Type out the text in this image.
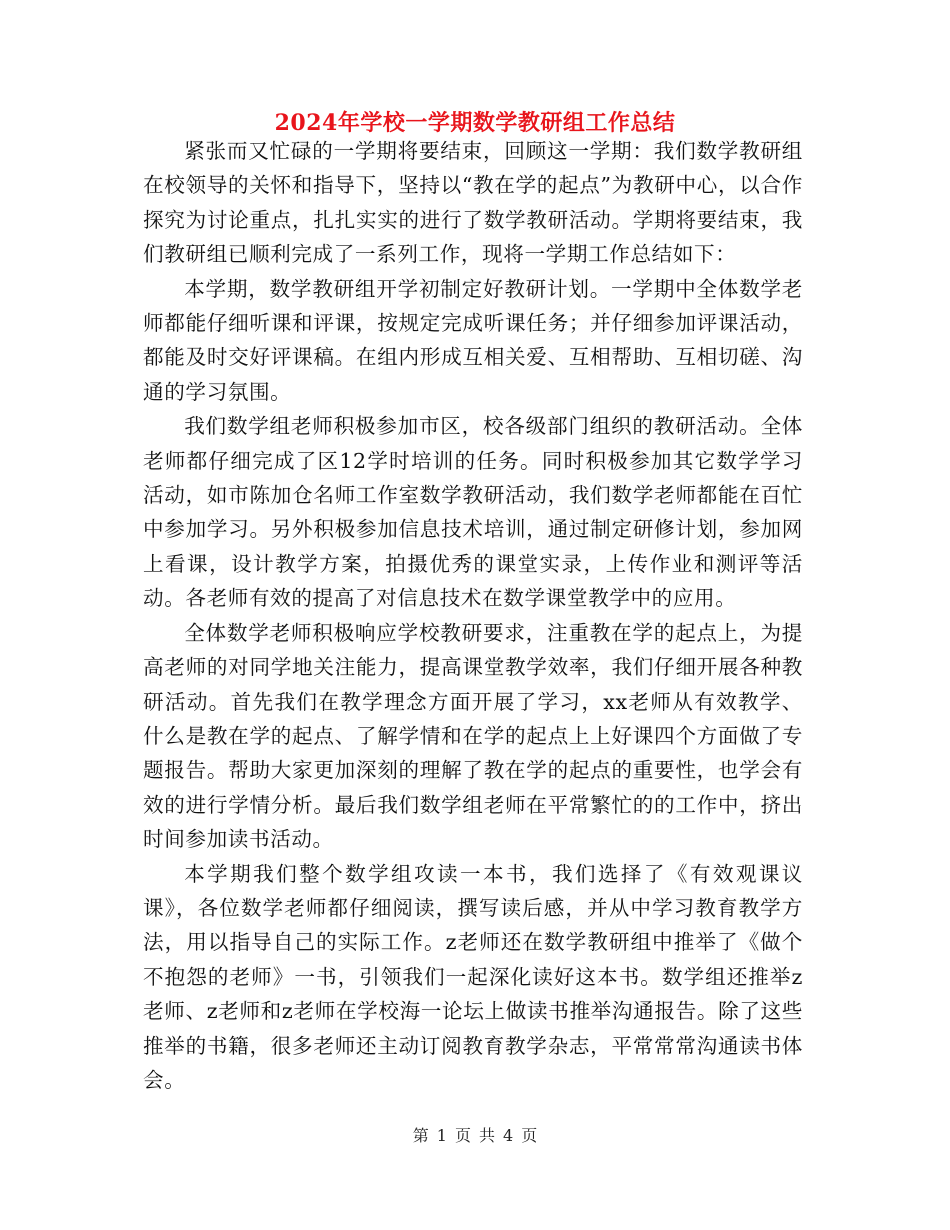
2024年学校一学期数学教研组工作总结

紧张而又忙碌的一学期将要结束，回顾这一学期：我们数学教研组在校领导的关怀和指导下，坚持以“教在学的起点”为教研中心，以合作探究为讨论重点，扎扎实实的进行了数学教研活动。学期将要结束，我们教研组已顺利完成了一系列工作，现将一学期工作总结如下：

本学期，数学教研组开学初制定好教研计划。一学期中全体数学老师都能仔细听课和评课，按规定完成听课任务；并仔细参加评课活动，都能及时交好评课稿。在组内形成互相关爱、互相帮助、互相切磋、沟通的学习氛围。

我们数学组老师积极参加市区，校各级部门组织的教研活动。全体老师都仔细完成了区12学时培训的任务。同时积极参加其它数学学习活动，如市陈加仓名师工作室数学教研活动，我们数学老师都能在百忙中参加学习。另外积极参加信息技术培训，通过制定研修计划，参加网上看课，设计教学方案，拍摄优秀的课堂实录，上传作业和测评等活动。各老师有效的提高了对信息技术在数学课堂教学中的应用。

全体数学老师积极响应学校教研要求，注重教在学的起点上，为提高老师的对同学地关注能力，提高课堂教学效率，我们仔细开展各种教研活动。首先我们在教学理念方面开展了学习，xx老师从有效教学、什么是教在学的起点、了解学情和在学的起点上上好课四个方面做了专题报告。帮助大家更加深刻的理解了教在学的起点的重要性，也学会有效的进行学情分析。最后我们数学组老师在平常繁忙的的工作中，挤出时间参加读书活动。

本学期我们整个数学组攻读一本书，我们选择了《有效观课议课》，各位数学老师都仔细阅读，撰写读后感，并从中学习教育教学方法，用以指导自己的实际工作。z老师还在数学教研组中推举了《做个不抱怨的老师》一书，引领我们一起深化读好这本书。数学组还推举z老师、z老师和z老师在学校海一论坛上做读书推举沟通报告。除了这些推举的书籍，很多老师还主动订阅教育教学杂志，平常常常沟通读书体会。

第 1 页 共 4 页
